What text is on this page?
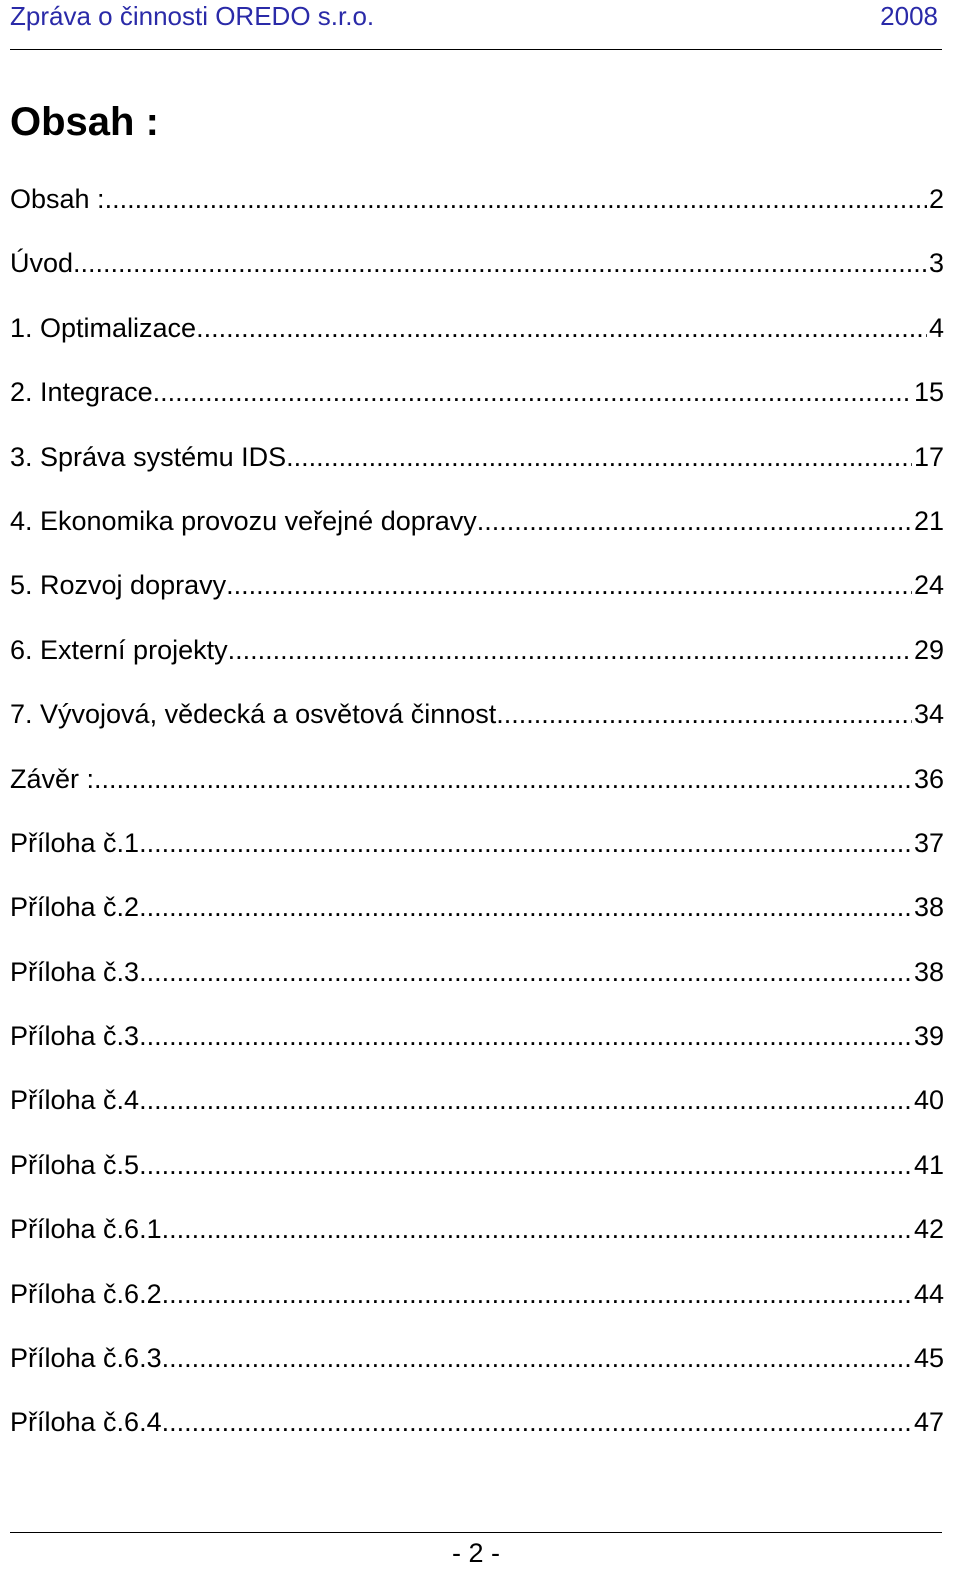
Zpráva o činnosti OREDO s.r.o.	2008
Obsah :
Obsah : .....	2
Úvod .....	3
1. Optimalizace .....	4
2. Integrace .....	15
3. Správa systému IDS .....	17
4. Ekonomika provozu veřejné dopravy .....	21
5. Rozvoj dopravy .....	24
6. Externí projekty .....	29
7. Vývojová, vědecká a osvětová činnost .....	34
Závěr : .....	36
Příloha č.1 .....	37
Příloha č.2 .....	38
Příloha č.3 .....	38
Příloha č.3 .....	39
Příloha č.4 .....	40
Příloha č.5 .....	41
Příloha č.6.1 .....	42
Příloha č.6.2 .....	44
Příloha č.6.3 .....	45
Příloha č.6.4 .....	47
- 2 -
